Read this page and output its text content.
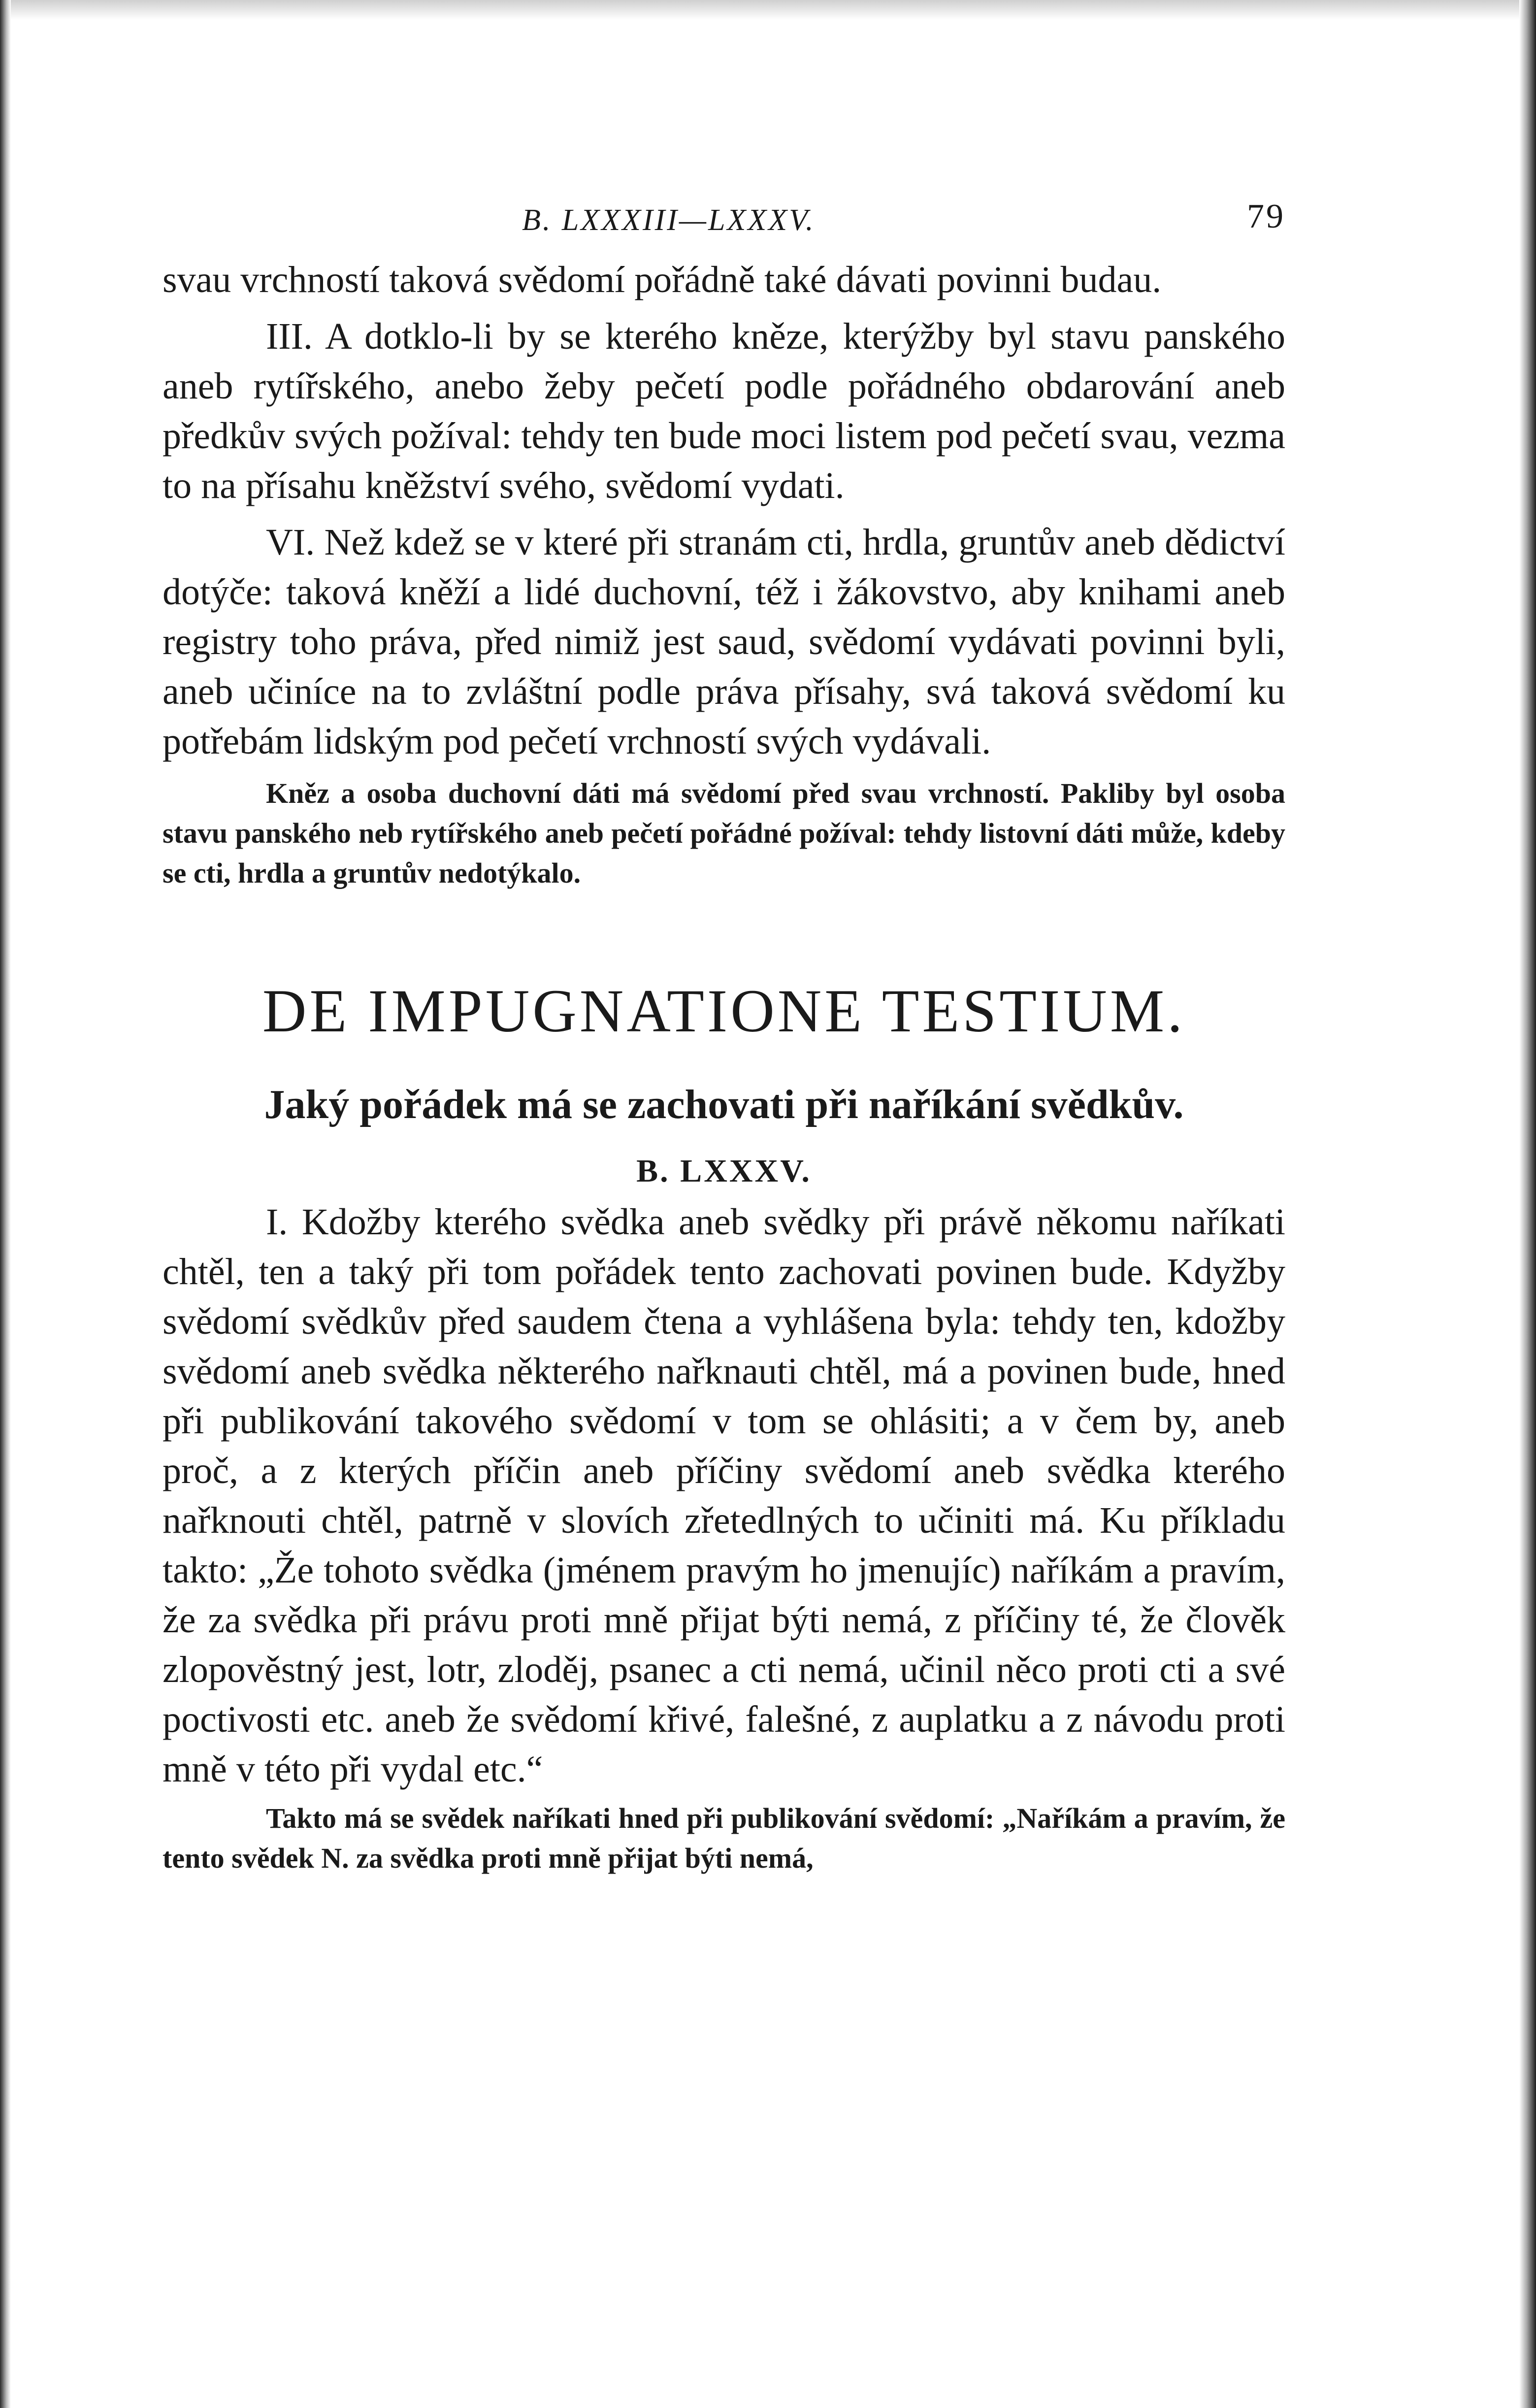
B. LXXXIII—LXXXV.	79

svau vrchností taková svědomí pořádně také dávati povinni budau.

III. A dotklo-li by se kterého kněze, kterýžby byl stavu panského aneb rytířského, anebo žeby pečetí podle pořádného obdarování aneb předkův svých požíval: tehdy ten bude moci listem pod pečetí svau, vezma to na přísahu kněžství svého, svědomí vydati.

VI. Než kdež se v které při stranám cti, hrdla, gruntův aneb dědictví dotýče: taková kněží a lidé duchovní, též i žákovstvo, aby knihami aneb registry toho práva, před nimiž jest saud, svědomí vydávati povinni byli, aneb učiníce na to zvláštní podle práva přísahy, svá taková svědomí ku potřebám lidským pod pečetí vrchností svých vydávali.

Kněz a osoba duchovní dáti má svědomí před svau vrchností. Pakliby byl osoba stavu panského neb rytířského aneb pečetí pořádné požíval: tehdy listovní dáti může, kdeby se cti, hrdla a gruntův nedotýkalo.

DE IMPUGNATIONE TESTIUM.
Jaký pořádek má se zachovati při naříkání svědkův.
B. LXXXV.

I. Kdožby kterého svědka aneb svědky při právě někomu naříkati chtěl, ten a taký při tom pořádek tento zachovati povinen bude. Kdyžby svědomí svědkův před saudem čtena a vyhlášena byla: tehdy ten, kdožby svědomí aneb svědka některého nařknauti chtěl, má a povinen bude, hned při publikování takového svědomí v tom se ohlásiti; a v čem by, aneb proč, a z kterých příčin aneb příčiny svědomí aneb svědka kterého nařknouti chtěl, patrně v slovích zřetedlných to učiniti má. Ku příkladu takto: „Že tohoto svědka (jménem pravým ho jmenujíc) naříkám a pravím, že za svědka při právu proti mně přijat býti nemá, z příčiny té, že člověk zlopověstný jest, lotr, zloděj, psanec a cti nemá, učinil něco proti cti a své poctivosti etc. aneb že svědomí křivé, falešné, z auplatku a z návodu proti mně v této při vydal etc.“

Takto má se svědek naříkati hned při publikování svědomí: „Naříkám a pravím, že tento svědek N. za svědka proti mně přijat býti nemá,
